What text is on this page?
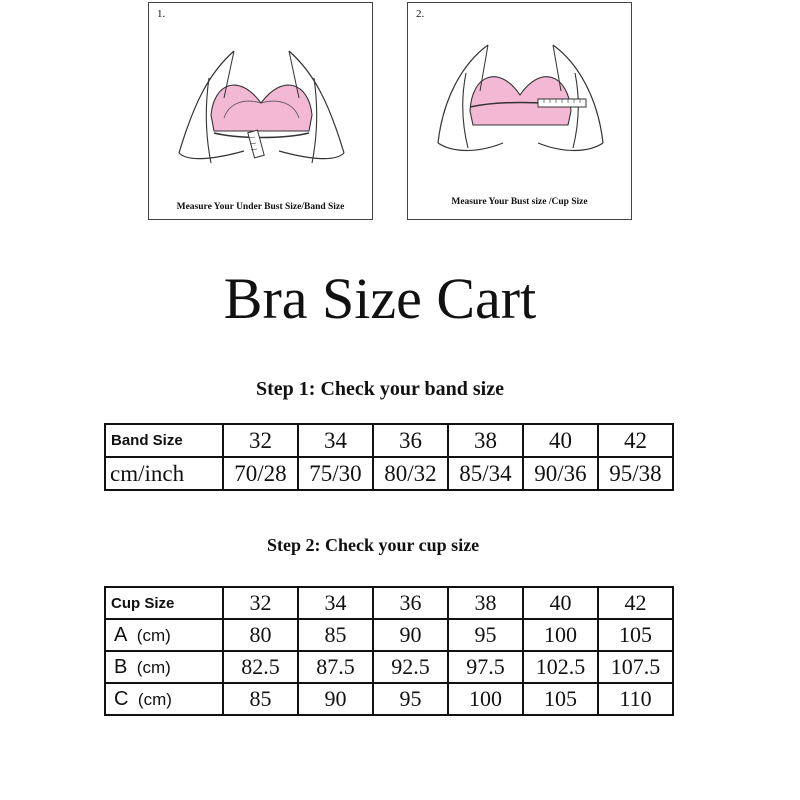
1.
Measure Your Under Bust Size/Band Size
2.
Measure Your Bust size /Cup Size
Bra Size Cart
Step 1: Check your band size
Band Size	32	34	36	38	40	42
cm/inch	70/28	75/30	80/32	85/34	90/36	95/38
Step 2: Check your cup size
Cup Size	32	34	36	38	40	42
A (cm)	80	85	90	95	100	105
B (cm)	82.5	87.5	92.5	97.5	102.5	107.5
C (cm)	85	90	95	100	105	110
